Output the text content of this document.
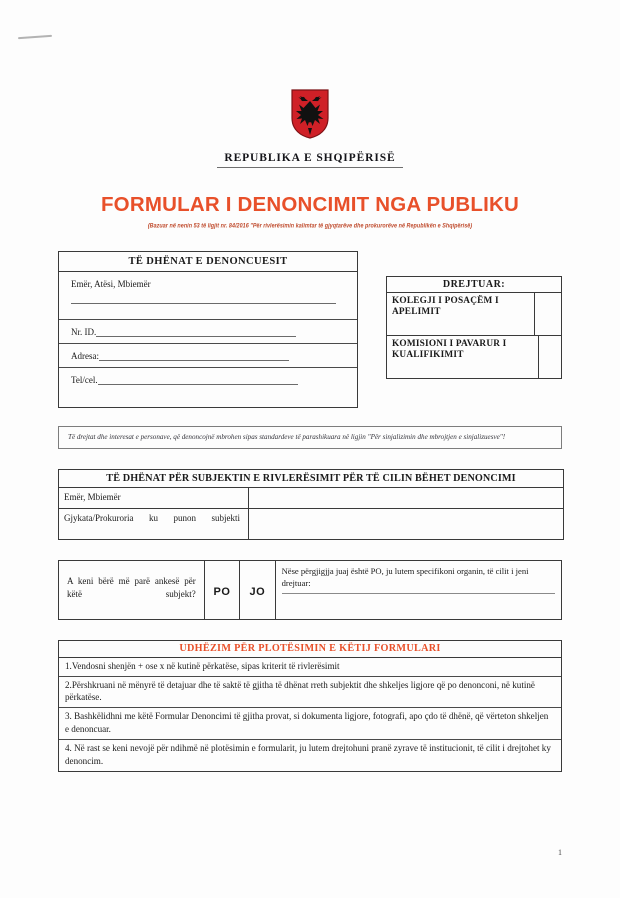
REPUBLIKA E SHQIPËRISË
FORMULAR I DENONCIMIT NGA PUBLIKU
(Bazuar në nenin 53 të ligjit nr. 84/2016 "Për rivlerësimin kalimtar të gjyqtarëve dhe prokurorëve në Republikën e Shqipërisë)
TË DHËNAT E DENONCUESIT
Emër, Atësi, Mbiemër
Nr. ID.
Adresa:
Tel/cel.
DREJTUAR:
KOLEGJI I POSAÇËM I APELIMIT
KOMISIONI I PAVARUR I KUALIFIKIMIT
Të drejtat dhe interesat e personave, që denoncojnë mbrohen sipas standardeve të parashikuara në ligjin "Për sinjalizimin dhe mbrojtjen e sinjalizuesve"!
TË DHËNAT PËR SUBJEKTIN E RIVLERËSIMIT PËR TË CILIN BËHET DENONCIMI
Emër, Mbiemër
Gjykata/Prokuroria ku punon subjekti
A keni bërë më parë ankesë për këtë subjekt?	PO	JO
Nëse përgjigjja juaj është PO, ju lutem specifikoni organin, të cilit i jeni drejtuar:
UDHËZIM PËR PLOTËSIMIN E KËTIJ FORMULARI
1.Vendosni shenjën + ose x në kutinë përkatëse, sipas kriterit të rivlerësimit
2.Përshkruani në mënyrë të detajuar dhe të saktë të gjitha të dhënat rreth subjektit dhe shkeljes ligjore që po denonconi, në kutinë përkatëse.
3. Bashkëlidhni me këtë Formular Denoncimi të gjitha provat, si dokumenta ligjore, fotografi, apo çdo të dhënë, që vërteton shkeljen e denoncuar.
4. Në rast se keni nevojë për ndihmë në plotësimin e formularit, ju lutem drejtohuni pranë zyrave të institucionit, të cilit i drejtohet ky denoncim.
1
